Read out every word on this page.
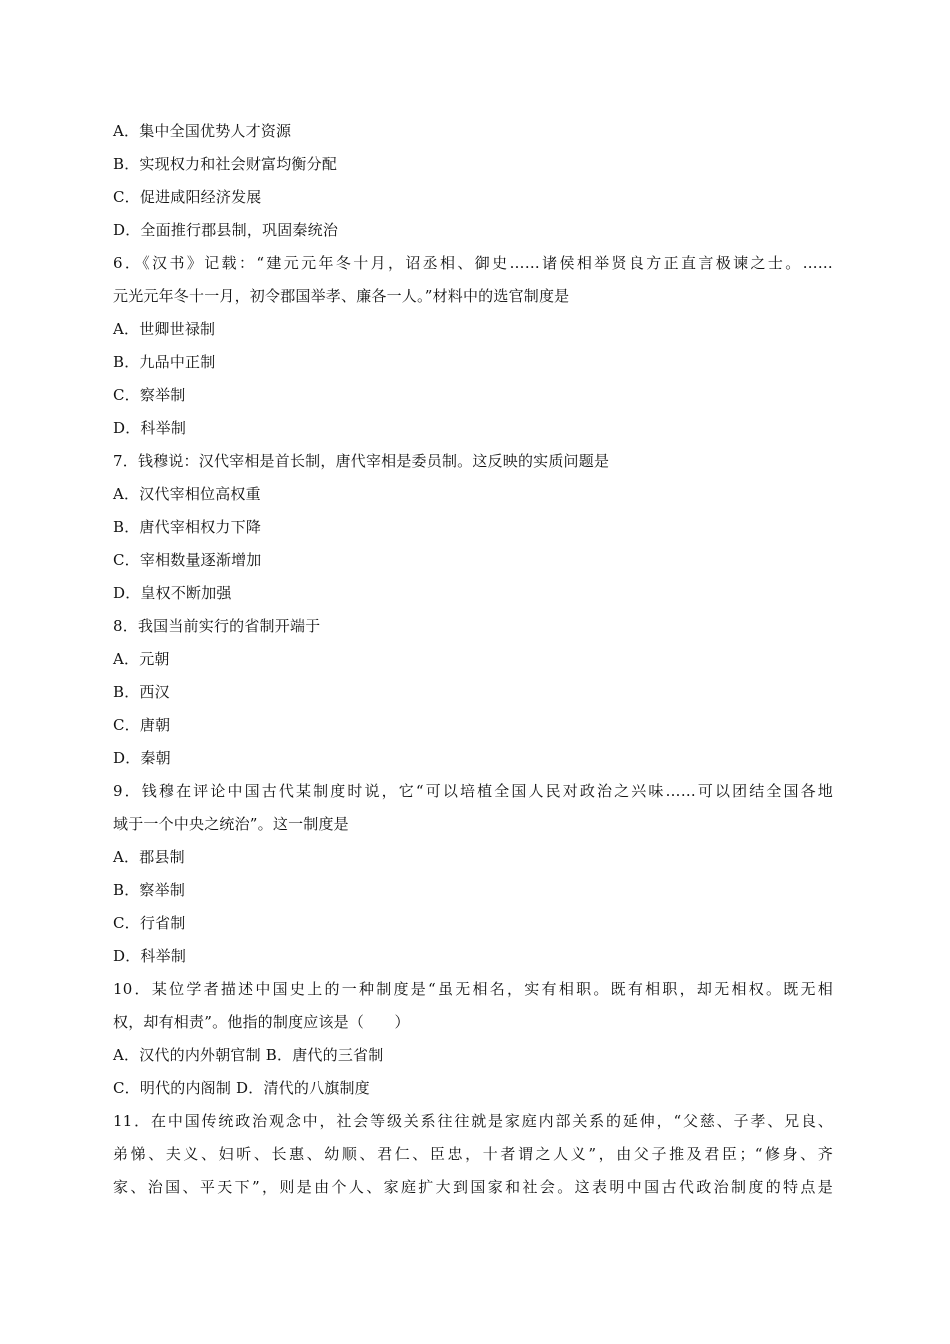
A．集中全国优势人才资源
B．实现权力和社会财富均衡分配
C．促进咸阳经济发展
D．全面推行郡县制，巩固秦统治
6．《汉书》记载：“建元元年冬十月，诏丞相、御史……诸侯相举贤良方正直言极谏之士。……
元光元年冬十一月，初令郡国举孝、廉各一人。”材料中的选官制度是
A．世卿世禄制
B．九品中正制
C．察举制
D．科举制
7．钱穆说：汉代宰相是首长制，唐代宰相是委员制。这反映的实质问题是
A．汉代宰相位高权重
B．唐代宰相权力下降
C．宰相数量逐渐增加
D．皇权不断加强
8．我国当前实行的省制开端于
A．元朝
B．西汉
C．唐朝
D．秦朝
9．钱穆在评论中国古代某制度时说，它“可以培植全国人民对政治之兴味……可以团结全国各地
域于一个中央之统治”。这一制度是
A．郡县制
B．察举制
C．行省制
D．科举制
10．某位学者描述中国史上的一种制度是“虽无相名，实有相职。既有相职，却无相权。既无相
权，却有相责”。他指的制度应该是（　　）
A．汉代的内外朝官制 B．唐代的三省制
C．明代的内阁制 D．清代的八旗制度
11．在中国传统政治观念中，社会等级关系往往就是家庭内部关系的延伸，“父慈、子孝、兄良、
弟悌、夫义、妇听、长惠、幼顺、君仁、臣忠，十者谓之人义”，由父子推及君臣；“修身、齐
家、治国、平天下”，则是由个人、家庭扩大到国家和社会。这表明中国古代政治制度的特点是
